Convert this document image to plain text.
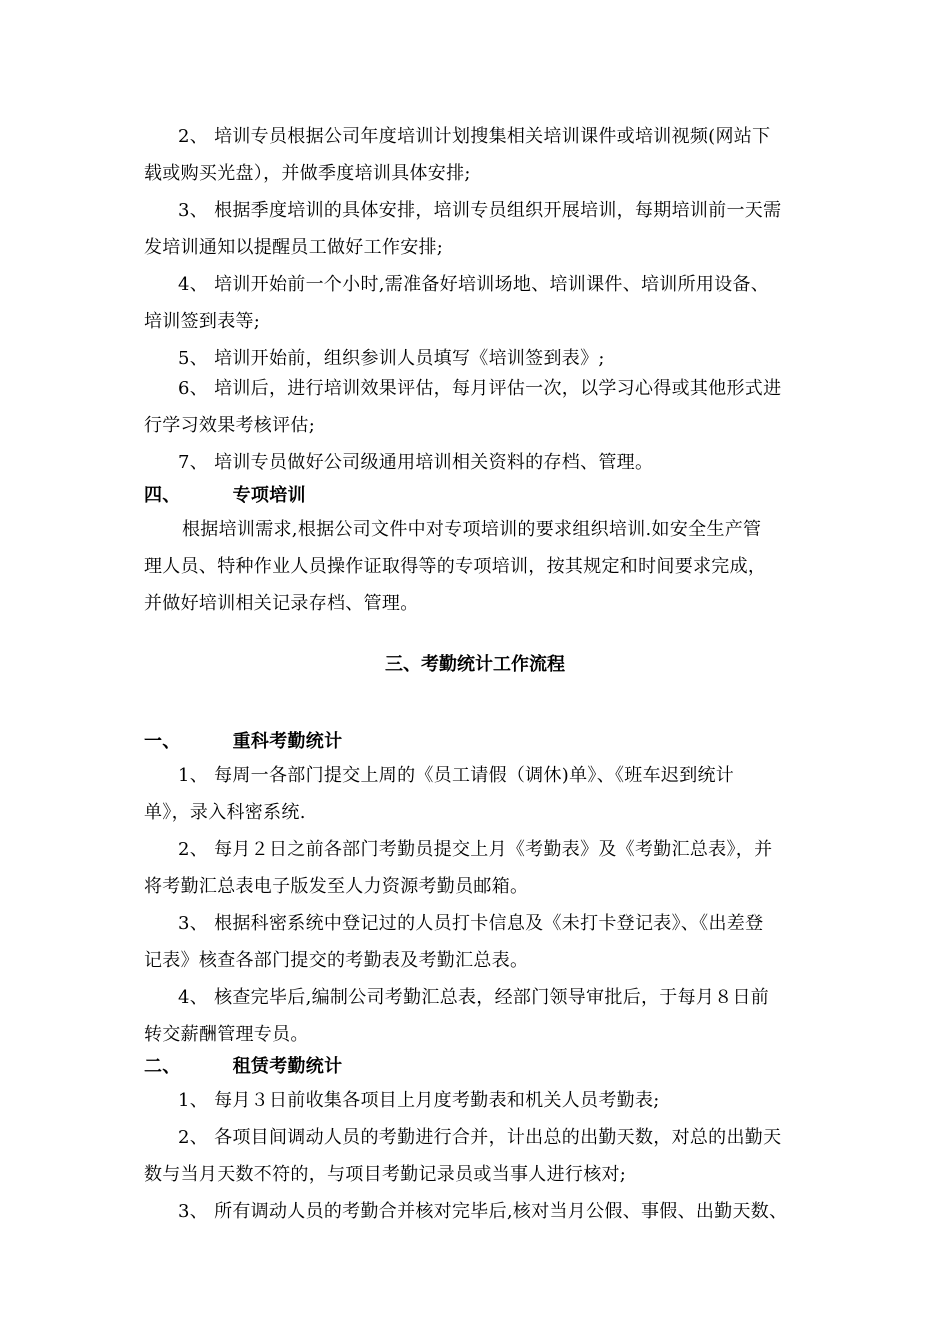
2、 培训专员根据公司年度培训计划搜集相关培训课件或培训视频(网站下
载或购买光盘），并做季度培训具体安排;
3、 根据季度培训的具体安排，培训专员组织开展培训，每期培训前一天需
发培训通知以提醒员工做好工作安排;
4、 培训开始前一个小时,需准备好培训场地、培训课件、培训所用设备、
培训签到表等;
5、 培训开始前，组织参训人员填写《培训签到表》;
6、 培训后，进行培训效果评估，每月评估一次，以学习心得或其他形式进
行学习效果考核评估;
7、 培训专员做好公司级通用培训相关资料的存档、管理。
四、	专项培训
根据培训需求,根据公司文件中对专项培训的要求组织培训.如安全生产管
理人员、特种作业人员操作证取得等的专项培训，按其规定和时间要求完成，
并做好培训相关记录存档、管理。
三、考勤统计工作流程
一、	重科考勤统计
1、 每周一各部门提交上周的《员工请假（调休)单》、《班车迟到统计
单》，录入科密系统.
2、 每月２日之前各部门考勤员提交上月《考勤表》及《考勤汇总表》，并
将考勤汇总表电子版发至人力资源考勤员邮箱。
3、 根据科密系统中登记过的人员打卡信息及《未打卡登记表》、《出差登
记表》核查各部门提交的考勤表及考勤汇总表。
4、 核查完毕后,编制公司考勤汇总表，经部门领导审批后，于每月８日前
转交薪酬管理专员。
二、	租赁考勤统计
1、 每月３日前收集各项目上月度考勤表和机关人员考勤表;
2、 各项目间调动人员的考勤进行合并，计出总的出勤天数，对总的出勤天
数与当月天数不符的，与项目考勤记录员或当事人进行核对;
3、 所有调动人员的考勤合并核对完毕后,核对当月公假、事假、出勤天数、
